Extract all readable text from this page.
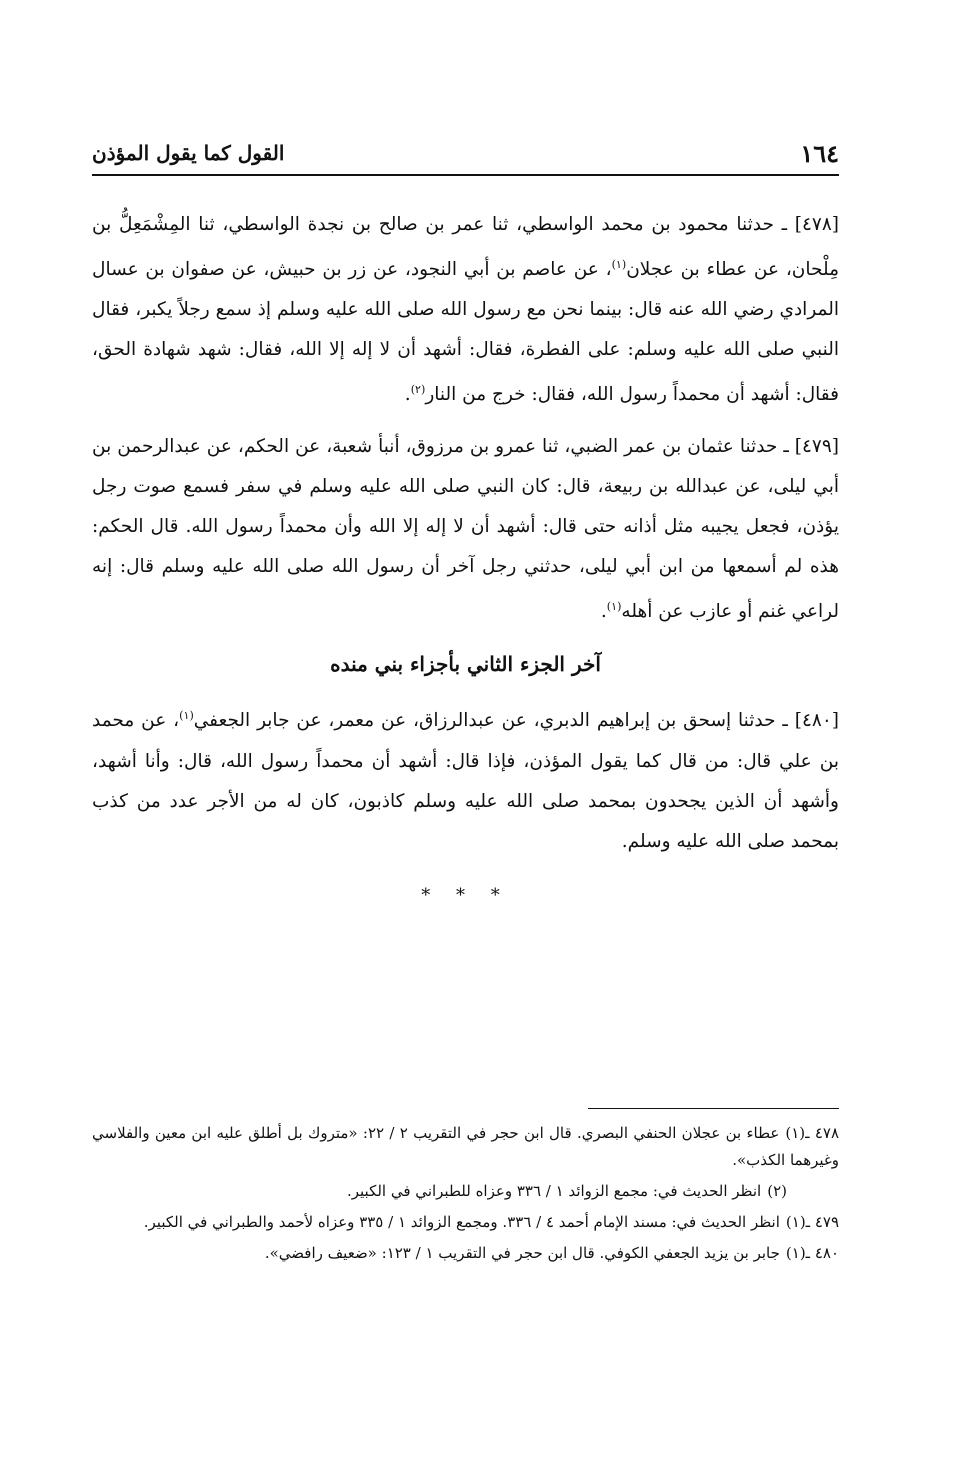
١٦٤
القول كما يقول المؤذن

[٤٧٨] ـ حدثنا محمود بن محمد الواسطي، ثنا عمر بن صالح بن نجدة الواسطي، ثنا المِشْمَعِلُّ بن مِلْحان، عن عطاء بن عجلان$^{(١)}$، عن عاصم بن أبي النجود، عن زر بن حبيش، عن صفوان بن عسال المرادي رضي الله عنه قال: بينما نحن مع رسول الله صلى الله عليه وسلم إذ سمع رجلاً يكبر، فقال النبي صلى الله عليه وسلم: على الفطرة، فقال: أشهد أن لا إله إلا الله، فقال: شهد شهادة الحق، فقال: أشهد أن محمداً رسول الله، فقال: خرج من النار$^{(٢)}$.

[٤٧٩] ـ حدثنا عثمان بن عمر الضبي، ثنا عمرو بن مرزوق، أنبأ شعبة، عن الحكم، عن عبدالرحمن بن أبي ليلى، عن عبدالله بن ربيعة، قال: كان النبي صلى الله عليه وسلم في سفر فسمع صوت رجل يؤذن، فجعل يجيبه مثل أذانه حتى قال: أشهد أن لا إله إلا الله وأن محمداً رسول الله. قال الحكم: هذه لم أسمعها من ابن أبي ليلى، حدثني رجل آخر أن رسول الله صلى الله عليه وسلم قال: إنه لراعي غنم أو عازب عن أهله$^{(١)}$.

آخر الجزء الثاني بأجزاء بني منده

[٤٨٠] ـ حدثنا إسحق بن إبراهيم الدبري، عن عبدالرزاق، عن معمر، عن جابر الجعفي$^{(١)}$، عن محمد بن علي قال: من قال كما يقول المؤذن، فإذا قال: أشهد أن محمداً رسول الله، قال: وأنا أشهد، وأشهد أن الذين يجحدون بمحمد صلى الله عليه وسلم كاذبون، كان له من الأجر عدد من كذب بمحمد صلى الله عليه وسلم.

* * *

٤٧٨ ـ(١)عطاء بن عجلان الحنفي البصري. قال ابن حجر في التقريب ٢ / ٢٢: «متروك بل أطلق عليه ابن معين والفلاسي وغيرهما الكذب».

(٢)انظر الحديث في: مجمع الزوائد ١ / ٣٣٦ وعزاه للطبراني في الكبير.

٤٧٩ ـ(١)انظر الحديث في: مسند الإمام أحمد ٤ / ٣٣٦. ومجمع الزوائد ١ / ٣٣٥ وعزاه لأحمد والطبراني في الكبير.

٤٨٠ ـ(١)جابر بن يزيد الجعفي الكوفي. قال ابن حجر في التقريب ١ / ١٢٣: «ضعيف رافضي».
